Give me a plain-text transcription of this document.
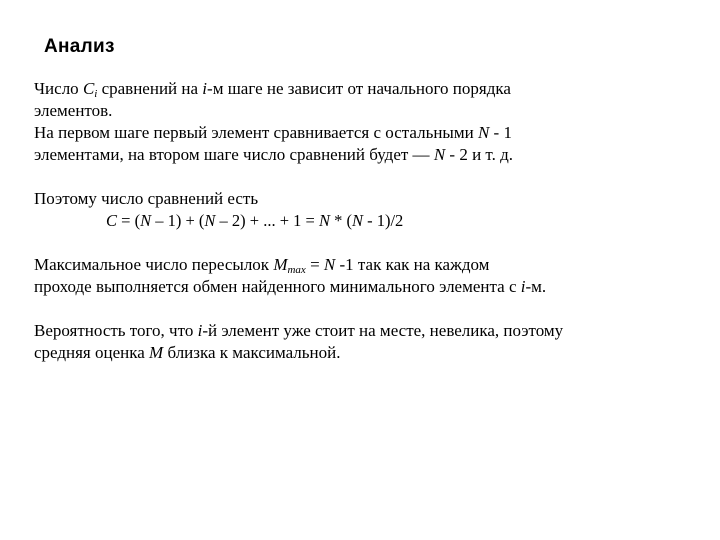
Анализ
Число $C_i$ сравнений на i-м шаге не зависит от начального порядка
элементов.
На первом шаге первый элемент сравнивается с остальными N - 1
элементами, на втором шаге число сравнений будет — N - 2 и т. д.
Поэтому число сравнений есть
C = (N – 1) + (N – 2) + ... + 1 = N * (N - 1)/2
Максимальное число пересылок $M_{max} = N$ -1 так как на каждом
проходе выполняется обмен найденного минимального элемента с i-м.
Вероятность того, что i-й элемент уже стоит на месте, невелика, поэтому
средняя оценка M близка к максимальной.
